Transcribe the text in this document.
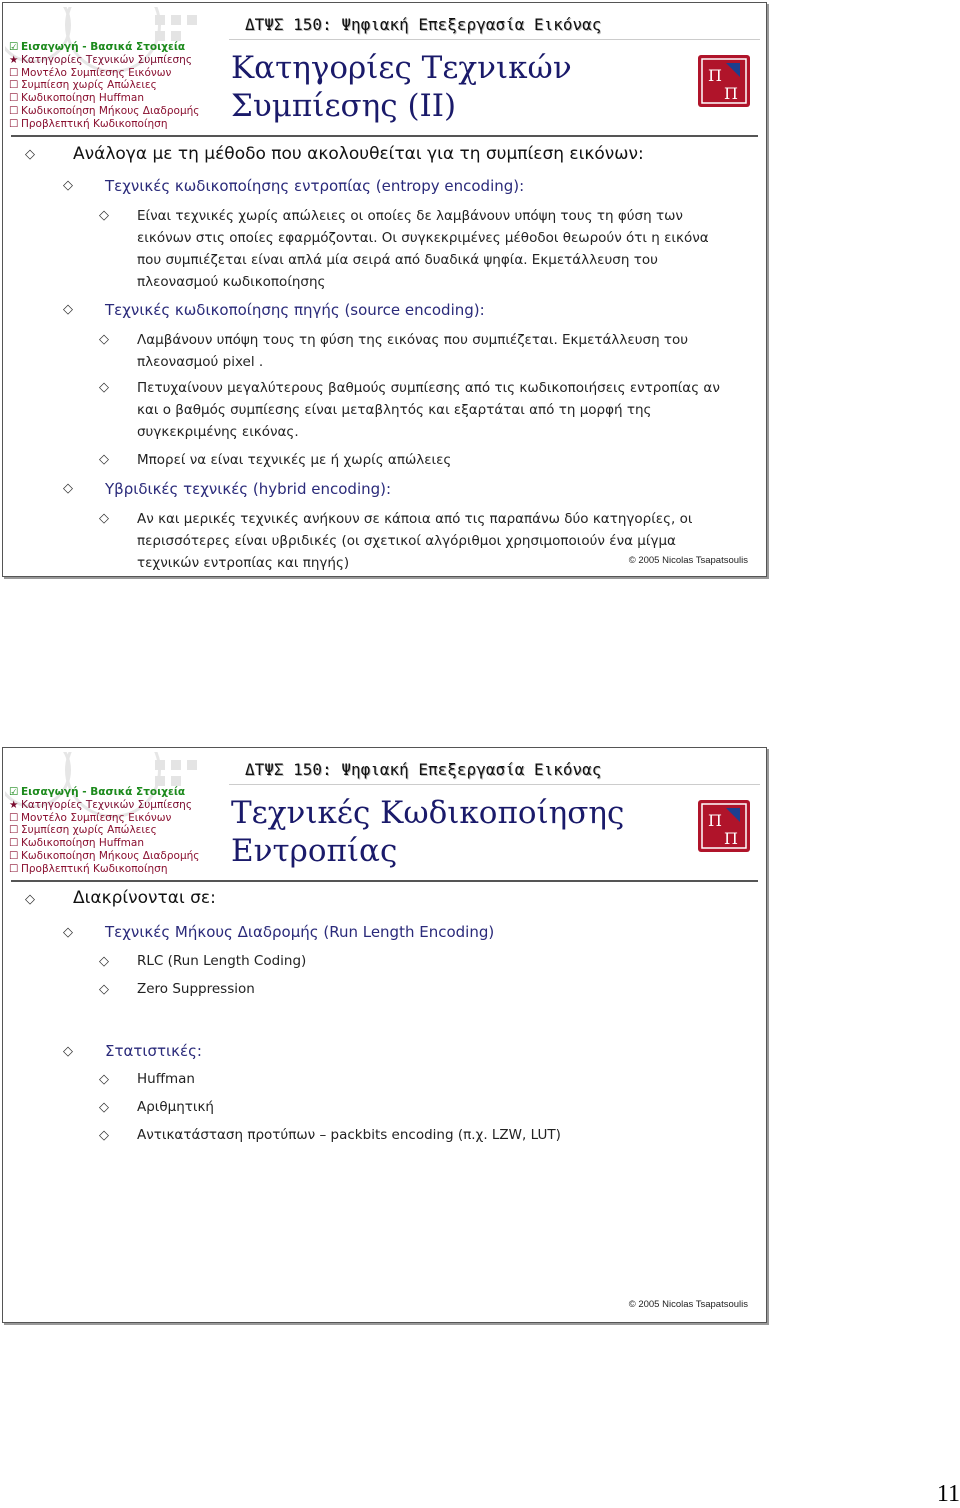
☑ Εισαγωγή - Βασικά Στοιχεία
★ Κατηγορίες Τεχνικών Συμπίεσης
☐ Μοντέλο Συμπίεσης Εικόνων
☐ Συμπίεση χωρίς Απώλειες
☐ Κωδικοποίηση Huffman
☐ Κωδικοποίηση Μήκους Διαδρομής
☐ Προβλεπτική Κωδικοποίηση
ΔΤΨΣ 150: Ψηφιακή Επεξεργασία Εικόνας
Κατηγορίες Τεχνικών
Συμπίεσης (ΙΙ)
Π
Π
◇ Ανάλογα με τη μέθοδο που ακολουθείται για τη συμπίεση εικόνων:
◇ Τεχνικές κωδικοποίησης εντροπίας (entropy encoding):
◇ Είναι τεχνικές χωρίς απώλειες οι οποίες δε λαμβάνουν υπόψη τους τη φύση των εικόνων στις οποίες εφαρμόζονται. Οι συγκεκριμένες μέθοδοι θεωρούν ότι η εικόνα που συμπιέζεται είναι απλά μία σειρά από δυαδικά ψηφία. Εκμετάλλευση του πλεονασμού κωδικοποίησης
◇ Τεχνικές κωδικοποίησης πηγής (source encoding):
◇ Λαμβάνουν υπόψη τους τη φύση της εικόνας που συμπιέζεται. Εκμετάλλευση του πλεονασμού pixel .
◇ Πετυχαίνουν μεγαλύτερους βαθμούς συμπίεσης από τις κωδικοποιήσεις εντροπίας αν και ο βαθμός συμπίεσης είναι μεταβλητός και εξαρτάται από τη μορφή της συγκεκριμένης εικόνας.
◇ Μπορεί να είναι τεχνικές με ή χωρίς απώλειες
◇ Υβριδικές τεχνικές (hybrid encoding):
◇ Αν και μερικές τεχνικές ανήκουν σε κάποια από τις παραπάνω δύο κατηγορίες, οι περισσότερες είναι υβριδικές (οι σχετικοί αλγόριθμοι χρησιμοποιούν ένα μίγμα τεχνικών εντροπίας και πηγής)	© 2005 Nicolas Tsapatsoulis
☑ Εισαγωγή - Βασικά Στοιχεία
★ Κατηγορίες Τεχνικών Συμπίεσης
☐ Μοντέλο Συμπίεσης Εικόνων
☐ Συμπίεση χωρίς Απώλειες
☐ Κωδικοποίηση Huffman
☐ Κωδικοποίηση Μήκους Διαδρομής
☐ Προβλεπτική Κωδικοποίηση
ΔΤΨΣ 150: Ψηφιακή Επεξεργασία Εικόνας
Τεχνικές Κωδικοποίησης
Εντροπίας
Π
Π
◇ Διακρίνονται σε:
◇ Τεχνικές Μήκους Διαδρομής (Run Length Encoding)
◇ RLC (Run Length Coding)
◇ Zero Suppression
◇ Στατιστικές:
◇ Huffman
◇ Αριθμητική
◇ Αντικατάσταση προτύπων – packbits encoding (π.χ. LZW, LUT)
© 2005 Nicolas Tsapatsoulis
11
